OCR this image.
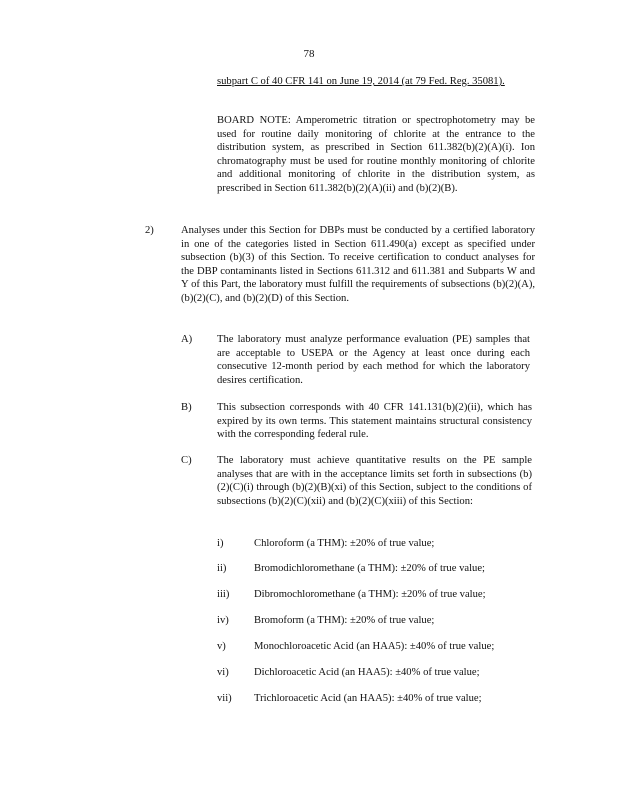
78
subpart C of 40 CFR 141 on June 19, 2014 (at 79 Fed. Reg. 35081).
BOARD NOTE: Amperometric titration or spectrophotometry may be used for routine daily monitoring of chlorite at the entrance to the distribution system, as prescribed in Section 611.382(b)(2)(A)(i). Ion chromatography must be used for routine monthly monitoring of chlorite and additional monitoring of chlorite in the distribution system, as prescribed in Section 611.382(b)(2)(A)(ii) and (b)(2)(B).
2)	Analyses under this Section for DBPs must be conducted by a certified laboratory in one of the categories listed in Section 611.490(a) except as specified under subsection (b)(3) of this Section. To receive certification to conduct analyses for the DBP contaminants listed in Sections 611.312 and 611.381 and Subparts W and Y of this Part, the laboratory must fulfill the requirements of subsections (b)(2)(A), (b)(2)(C), and (b)(2)(D) of this Section.
A)	The laboratory must analyze performance evaluation (PE) samples that are acceptable to USEPA or the Agency at least once during each consecutive 12-month period by each method for which the laboratory desires certification.
B)	This subsection corresponds with 40 CFR 141.131(b)(2)(ii), which has expired by its own terms. This statement maintains structural consistency with the corresponding federal rule.
C)	The laboratory must achieve quantitative results on the PE sample analyses that are with in the acceptance limits set forth in subsections (b)(2)(C)(i) through (b)(2)(B)(xi) of this Section, subject to the conditions of subsections (b)(2)(C)(xii) and (b)(2)(C)(xiii) of this Section:
i)	Chloroform (a THM): ±20% of true value;
ii)	Bromodichloromethane (a THM): ±20% of true value;
iii)	Dibromochloromethane (a THM): ±20% of true value;
iv)	Bromoform (a THM): ±20% of true value;
v)	Monochloroacetic Acid (an HAA5): ±40% of true value;
vi)	Dichloroacetic Acid (an HAA5): ±40% of true value;
vii)	Trichloroacetic Acid (an HAA5): ±40% of true value;
